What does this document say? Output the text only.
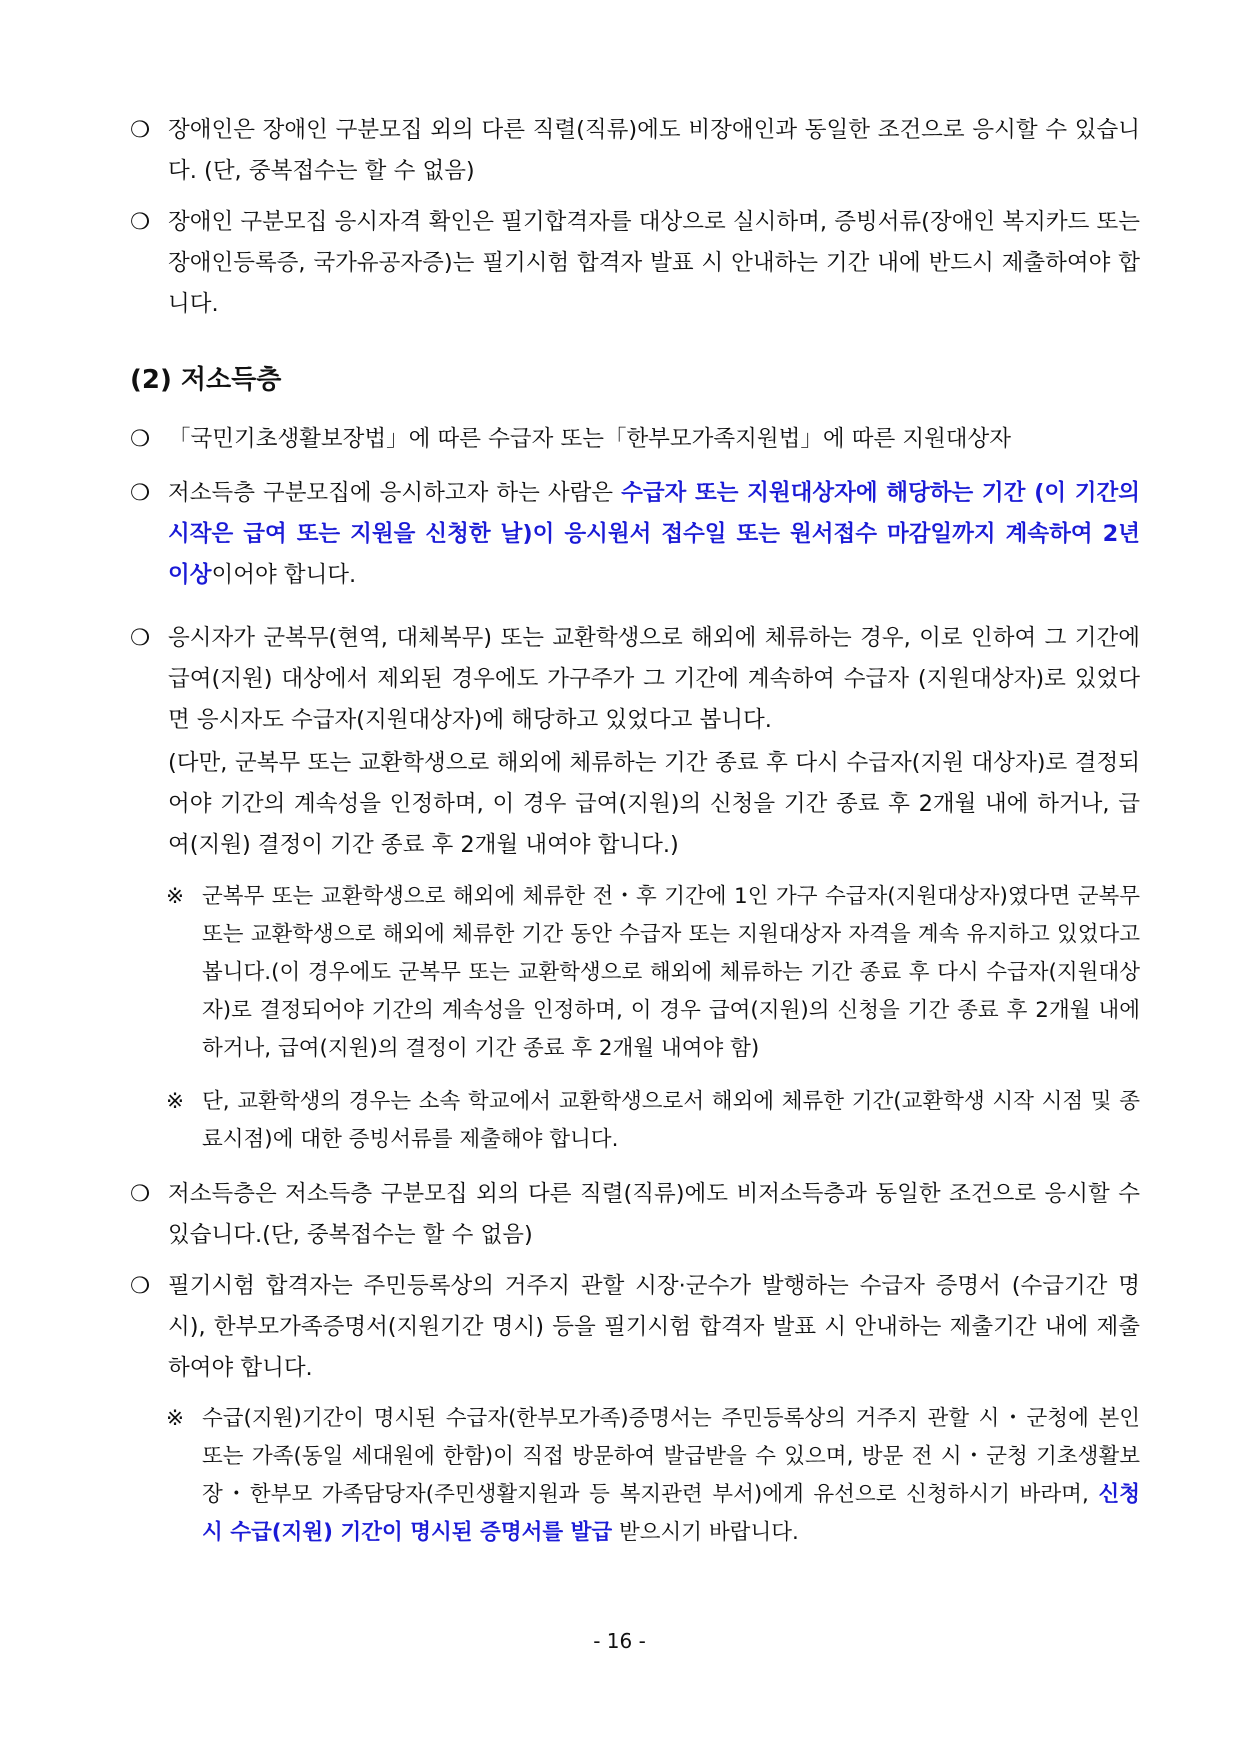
❍ 장애인은 장애인 구분모집 외의 다른 직렬(직류)에도 비장애인과 동일한 조건으로 응시할 수 있습니다. (단, 중복접수는 할 수 없음)
❍ 장애인 구분모집 응시자격 확인은 필기합격자를 대상으로 실시하며, 증빙서류(장애인 복지카드 또는 장애인등록증, 국가유공자증)는 필기시험 합격자 발표 시 안내하는 기간 내에 반드시 제출하여야 합니다.
(2) 저소득층
❍ 「국민기초생활보장법」에 따른 수급자 또는「한부모가족지원법」에 따른 지원대상자
❍ 저소득층 구분모집에 응시하고자 하는 사람은 수급자 또는 지원대상자에 해당하는 기간 (이 기간의 시작은 급여 또는 지원을 신청한 날)이 응시원서 접수일 또는 원서접수 마감일까지 계속하여 2년 이상이어야 합니다.
❍ 응시자가 군복무(현역, 대체복무) 또는 교환학생으로 해외에 체류하는 경우, 이로 인하여 그 기간에 급여(지원) 대상에서 제외된 경우에도 가구주가 그 기간에 계속하여 수급자 (지원대상자)로 있었다면 응시자도 수급자(지원대상자)에 해당하고 있었다고 봅니다.
(다만, 군복무 또는 교환학생으로 해외에 체류하는 기간 종료 후 다시 수급자(지원 대상자)로 결정되어야 기간의 계속성을 인정하며, 이 경우 급여(지원)의 신청을 기간 종료 후 2개월 내에 하거나, 급여(지원) 결정이 기간 종료 후 2개월 내여야 합니다.)
※ 군복무 또는 교환학생으로 해외에 체류한 전・후 기간에 1인 가구 수급자(지원대상자)였다면 군복무 또는 교환학생으로 해외에 체류한 기간 동안 수급자 또는 지원대상자 자격을 계속 유지하고 있었다고 봅니다.(이 경우에도 군복무 또는 교환학생으로 해외에 체류하는 기간 종료 후 다시 수급자(지원대상자)로 결정되어야 기간의 계속성을 인정하며, 이 경우 급여(지원)의 신청을 기간 종료 후 2개월 내에 하거나, 급여(지원)의 결정이 기간 종료 후 2개월 내여야 함)
※ 단, 교환학생의 경우는 소속 학교에서 교환학생으로서 해외에 체류한 기간(교환학생 시작 시점 및 종료시점)에 대한 증빙서류를 제출해야 합니다.
❍ 저소득층은 저소득층 구분모집 외의 다른 직렬(직류)에도 비저소득층과 동일한 조건으로 응시할 수 있습니다.(단, 중복접수는 할 수 없음)
❍ 필기시험 합격자는 주민등록상의 거주지 관할 시장·군수가 발행하는 수급자 증명서 (수급기간 명시), 한부모가족증명서(지원기간 명시) 등을 필기시험 합격자 발표 시 안내하는 제출기간 내에 제출하여야 합니다.
※ 수급(지원)기간이 명시된 수급자(한부모가족)증명서는 주민등록상의 거주지 관할 시・군청에 본인 또는 가족(동일 세대원에 한함)이 직접 방문하여 발급받을 수 있으며, 방문 전 시・군청 기초생활보장・한부모 가족담당자(주민생활지원과 등 복지관련 부서)에게 유선으로 신청하시기 바라며, 신청 시 수급(지원) 기간이 명시된 증명서를 발급 받으시기 바랍니다.
- 16 -
